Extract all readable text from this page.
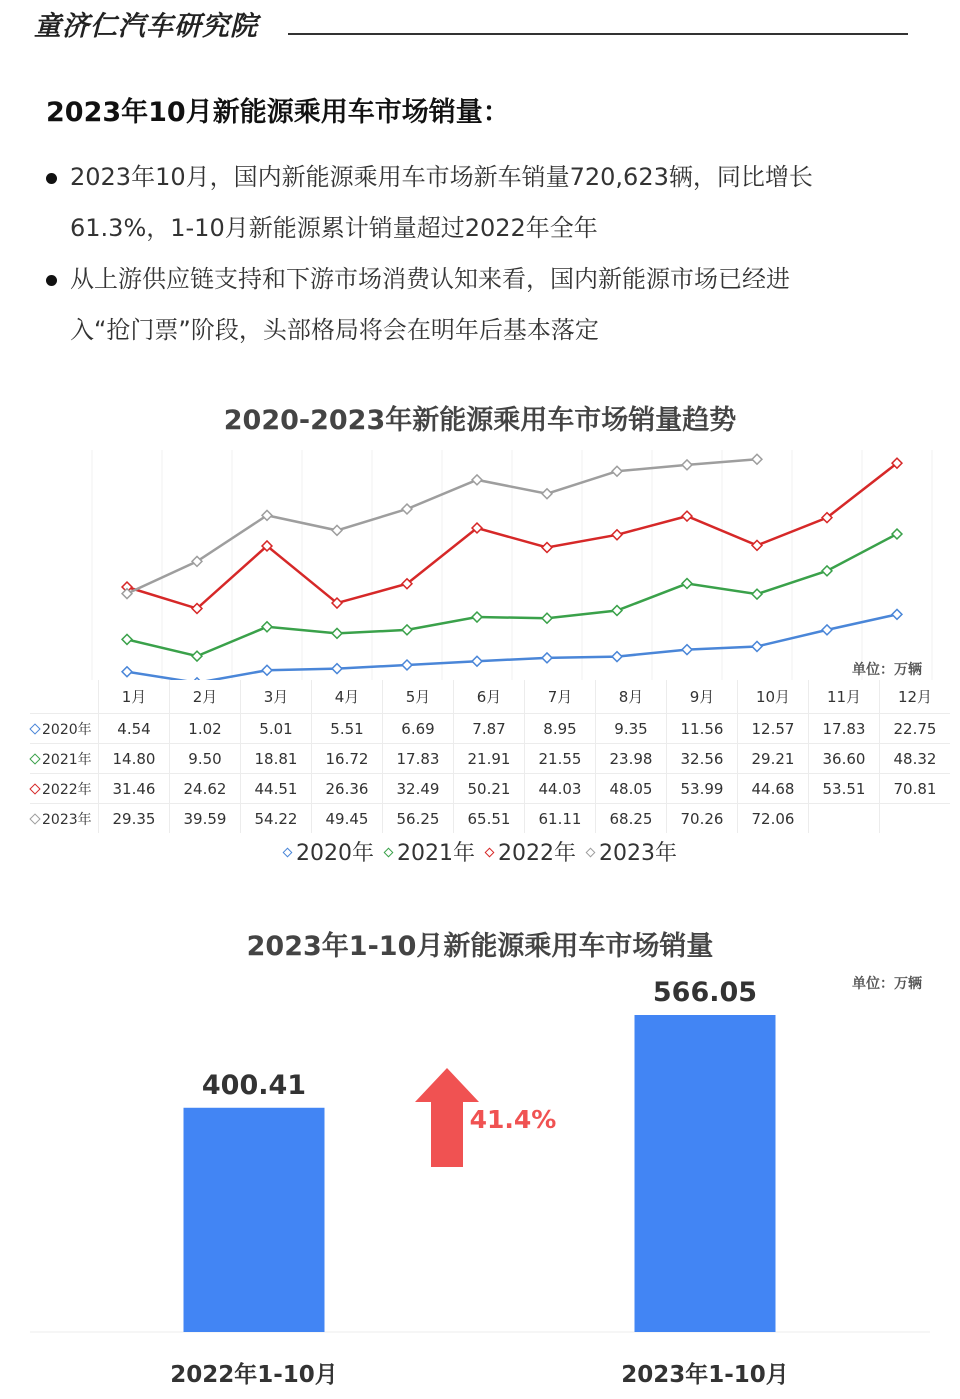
童济仁汽车研究院
2023年10月新能源乘用车市场销量：
2023年10月，国内新能源乘用车市场新车销量720,623辆，同比增长
61.3%，1-10月新能源累计销量超过2022年全年
从上游供应链支持和下游市场消费认知来看，国内新能源市场已经进
入“抢门票”阶段，头部格局将会在明年后基本落定
2020-2023年新能源乘用车市场销量趋势
单位：万辆
	1月	2月	3月	4月	5月	6月	7月	8月	9月	10月	11月	12月
2020年	4.54	1.02	5.01	5.51	6.69	7.87	8.95	9.35	11.56	12.57	17.83	22.75
2021年	14.80	9.50	18.81	16.72	17.83	21.91	21.55	23.98	32.56	29.21	36.60	48.32
2022年	31.46	24.62	44.51	26.36	32.49	50.21	44.03	48.05	53.99	44.68	53.51	70.81
2023年	29.35	39.59	54.22	49.45	56.25	65.51	61.11	68.25	70.26	72.06		
2020年 2021年 2022年 2023年
2023年1-10月新能源乘用车市场销量
单位：万辆
400.41
566.05
41.4%
2022年1-10月	2023年1-10月
